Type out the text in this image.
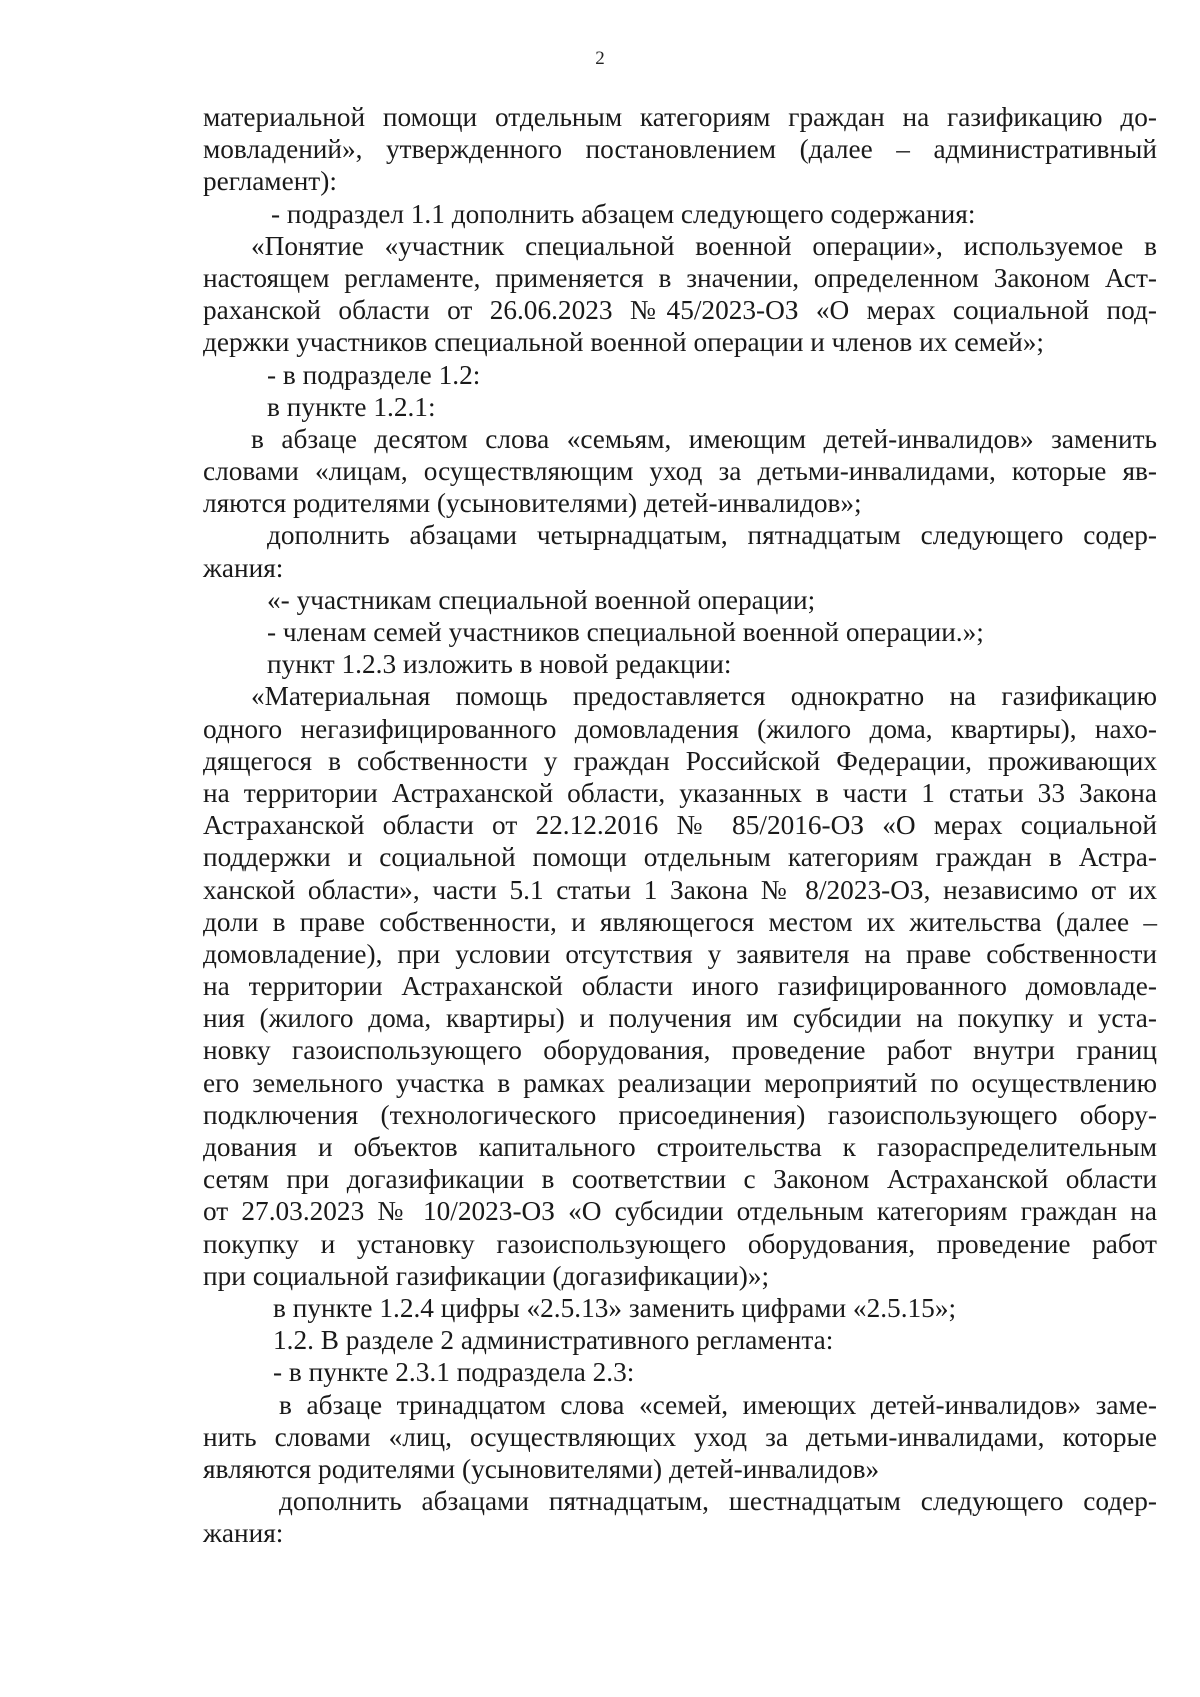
2
материальной помощи отдельным категориям граждан на газификацию до-
мовладений», утвержденного постановлением (далее – административный
регламент):
- подраздел 1.1 дополнить абзацем следующего содержания:
«Понятие «участник специальной военной операции», используемое в
настоящем регламенте, применяется в значении, определенном Законом Аст-
раханской области от 26.06.2023 №45/2023-ОЗ «О мерах социальной под-
держки участников специальной военной операции и членов их семей»;
- в подразделе 1.2:
в пункте 1.2.1:
в абзаце десятом слова «семьям, имеющим детей-инвалидов» заменить
словами «лицам, осуществляющим уход за детьми-инвалидами, которые яв-
ляются родителями (усыновителями) детей-инвалидов»;
дополнить абзацами четырнадцатым, пятнадцатым следующего содер-
жания:
«- участникам специальной военной операции;
- членам семей участников специальной военной операции.»;
пункт 1.2.3 изложить в новой редакции:
«Материальная помощь предоставляется однократно на газификацию
одного негазифицированного домовладения (жилого дома, квартиры), нахо-
дящегося в собственности у граждан Российской Федерации, проживающих
на территории Астраханской области, указанных в части 1 статьи 33 Закона
Астраханской области от 22.12.2016 № 85/2016-ОЗ «О мерах социальной
поддержки и социальной помощи отдельным категориям граждан в Астра-
ханской области», части 5.1 статьи 1 Закона № 8/2023-ОЗ, независимо от их
доли в праве собственности, и являющегося местом их жительства (далее –
домовладение), при условии отсутствия у заявителя на праве собственности
на территории Астраханской области иного газифицированного домовладе-
ния (жилого дома, квартиры) и получения им субсидии на покупку и уста-
новку газоиспользующего оборудования, проведение работ внутри границ
его земельного участка в рамках реализации мероприятий по осуществлению
подключения (технологического присоединения) газоиспользующего обору-
дования и объектов капитального строительства к газораспределительным
сетям при догазификации в соответствии с Законом Астраханской области
от 27.03.2023 № 10/2023-ОЗ «О субсидии отдельным категориям граждан на
покупку и установку газоиспользующего оборудования, проведение работ
при социальной газификации (догазификации)»;
в пункте 1.2.4 цифры «2.5.13» заменить цифрами «2.5.15»;
1.2. В разделе 2 административного регламента:
- в пункте 2.3.1 подраздела 2.3:
в абзаце тринадцатом слова «семей, имеющих детей-инвалидов» заме-
нить словами «лиц, осуществляющих уход за детьми-инвалидами, которые
являются родителями (усыновителями) детей-инвалидов»
дополнить абзацами пятнадцатым, шестнадцатым следующего содер-
жания:
